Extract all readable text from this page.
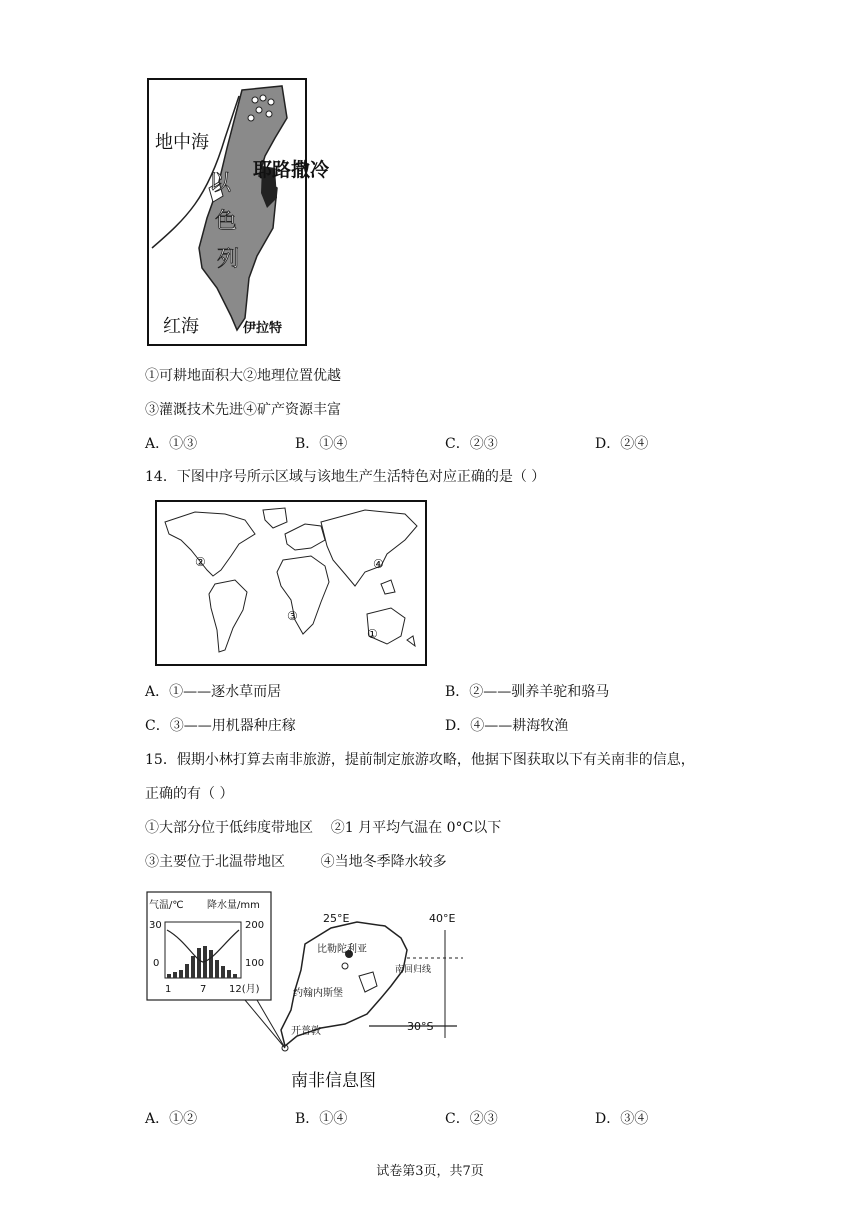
地中海
耶路撒冷
以
色
列
红海	伊拉特
①可耕地面积大②地理位置优越
③灌溉技术先进④矿产资源丰富
A．①③	B．①④	C．②③	D．②④
14．下图中序号所示区域与该地生产生活特色对应正确的是（ ）
②
③
④
①
A．①——逐水草而居	B．②——驯养羊驼和骆马
C．③——用机器种庄稼	D．④——耕海牧渔
15．假期小林打算去南非旅游，提前制定旅游攻略，他据下图获取以下有关南非的信息，
正确的有（ ）
①大部分位于低纬度带地区    ②1 月平均气温在 0°C以下
③主要位于北温带地区        ④当地冬季降水较多
气温/℃ 降水量/mm
30
0
200
100
1	7 12(月)
25°E	40°E
比勒陀利亚
南回归线
约翰内斯堡
30°S
开普敦
南非信息图
A．①②	B．①④	C．②③	D．③④
试卷第3页，共7页
